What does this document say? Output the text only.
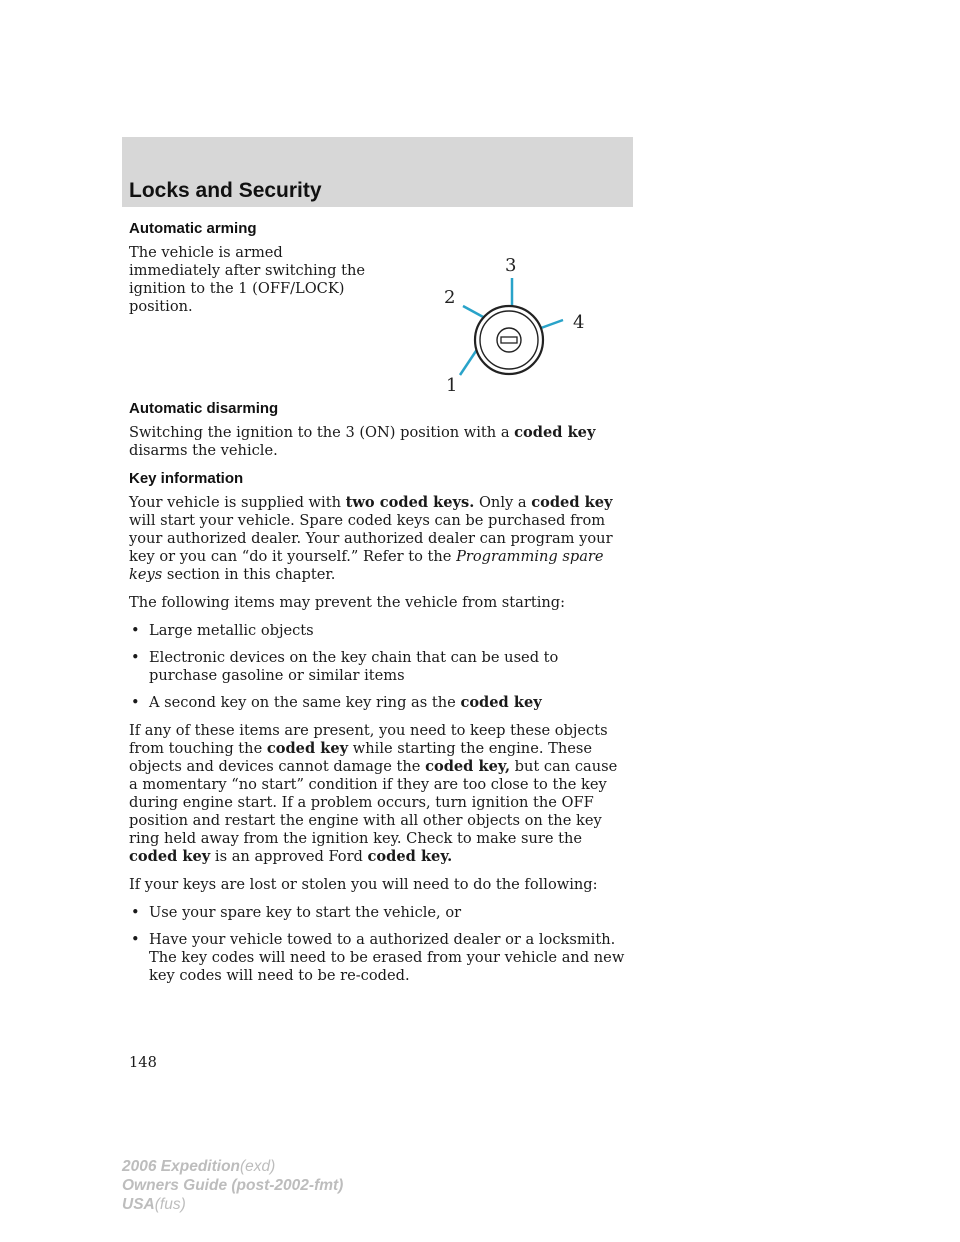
Locks and Security
Automatic arming

The vehicle is armed immediately after switching the ignition to the 1 (OFF/LOCK) position.

Automatic disarming

Switching the ignition to the 3 (ON) position with a coded key disarms the vehicle.

Key information

Your vehicle is supplied with two coded keys. Only a coded key will start your vehicle. Spare coded keys can be purchased from your authorized dealer. Your authorized dealer can program your key or you can “do it yourself.” Refer to the Programming spare keys section in this chapter.

The following items may prevent the vehicle from starting:

• Large metallic objects
• Electronic devices on the key chain that can be used to purchase gasoline or similar items
• A second key on the same key ring as the coded key

If any of these items are present, you need to keep these objects from touching the coded key while starting the engine. These objects and devices cannot damage the coded key, but can cause a momentary “no start” condition if they are too close to the key during engine start. If a problem occurs, turn ignition the OFF position and restart the engine with all other objects on the key ring held away from the ignition key. Check to make sure the coded key is an approved Ford coded key.

If your keys are lost or stolen you will need to do the following:

• Use your spare key to start the vehicle, or
• Have your vehicle towed to a authorized dealer or a locksmith. The key codes will need to be erased from your vehicle and new key codes will need to be re-coded.
1
2
3
4
148
2006 Expedition(exd)
Owners Guide (post-2002-fmt)
USA(fus)
